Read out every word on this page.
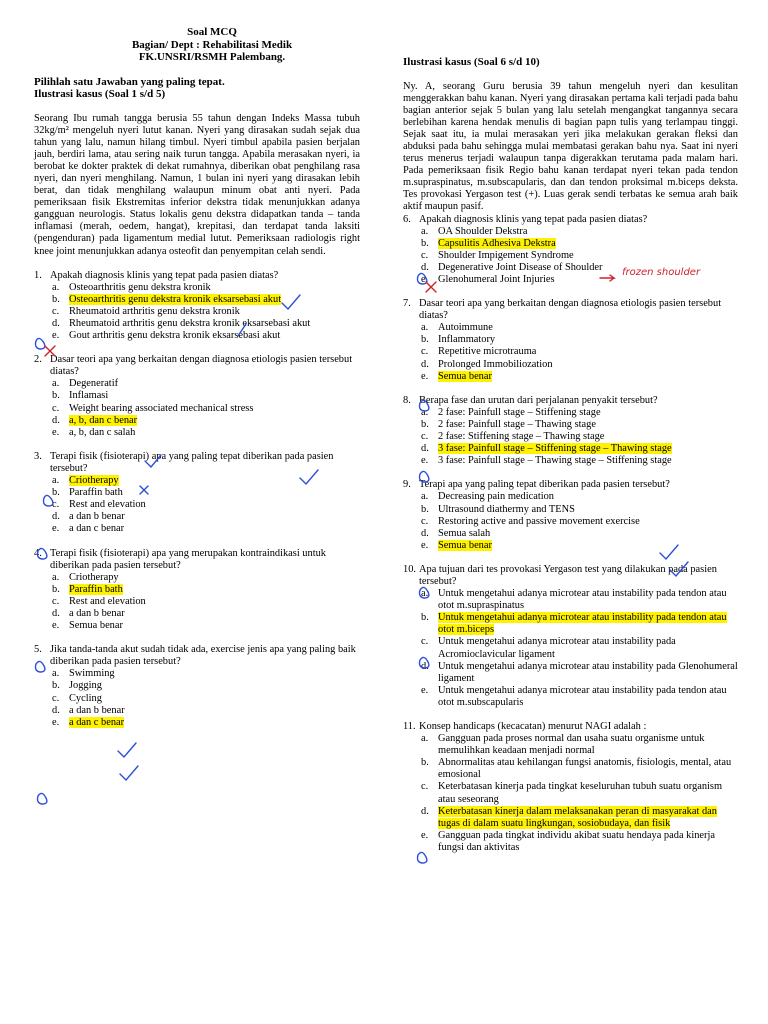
Soal MCQ
Bagian/ Dept : Rehabilitasi Medik
FK.UNSRI/RSMH Palembang.
Pilihlah satu Jawaban yang paling tepat.
Ilustrasi kasus (Soal 1 s/d 5)
Seorang Ibu rumah tangga berusia 55 tahun dengan Indeks Massa tubuh 32kg/m² mengeluh nyeri lutut kanan. Nyeri yang dirasakan sudah sejak dua tahun yang lalu, namun hilang timbul. Nyeri timbul apabila pasien berjalan jauh, berdiri lama, atau sering naik turun tangga. Apabila merasakan nyeri, ia berobat ke dokter praktek di dekat rumahnya, diberikan obat penghilang rasa nyeri, dan nyeri menghilang. Namun, 1 bulan ini nyeri yang dirasakan lebih berat, dan tidak menghilang walaupun minum obat anti nyeri. Pada pemeriksaan fisik Ekstremitas inferior dekstra tidak menunjukkan adanya gangguan neurologis. Status lokalis genu dekstra didapatkan tanda – tanda inflamasi (merah, oedem, hangat), krepitasi, dan terdapat tanda laksiti (pengenduran) pada ligamentum medial lutut. Pemeriksaan radiologis right knee joint menunjukkan adanya osteofit dan penyempitan celah sendi.
1. Apakah diagnosis klinis yang tepat pada pasien diatas?
a. Osteoarthritis genu dekstra kronik
b. Osteoarthritis genu dekstra kronik eksarsebasi akut
c. Rheumatoid arthritis genu dekstra kronik
d. Rheumatoid arthritis genu dekstra kronik eksarsebasi akut
e. Gout arthritis genu dekstra kronik eksarsebasi akut
2. Dasar teori apa yang berkaitan dengan diagnosa etiologis pasien tersebut diatas?
a. Degeneratif
b. Inflamasi
c. Weight bearing associated mechanical stress
d. a, b, dan c benar
e. a, b, dan c salah
3. Terapi fisik (fisioterapi) apa yang paling tepat diberikan pada pasien tersebut?
a. Criotherapy
b. Paraffin bath
c. Rest and elevation
d. a dan b benar
e. a dan c benar
4. Terapi fisik (fisioterapi) apa yang merupakan kontraindikasi untuk diberikan pada pasien tersebut?
a. Criotherapy
b. Paraffin bath
c. Rest and elevation
d. a dan b benar
e. Semua benar
5. Jika tanda-tanda akut sudah tidak ada, exercise jenis apa yang paling baik diberikan pada pasien tersebut?
a. Swimming
b. Jogging
c. Cycling
d. a dan b benar
e. a dan c benar
Ilustrasi kasus (Soal 6 s/d 10)
Ny. A, seorang Guru berusia 39 tahun mengeluh nyeri dan kesulitan menggerakkan bahu kanan. Nyeri yang dirasakan pertama kali terjadi pada bahu bagian anterior sejak 5 bulan yang lalu setelah mengangkat tangannya secara berlebihan karena hendak menulis di bagian papn tulis yang terlampau tinggi. Sejak saat itu, ia mulai merasakan yeri jika melakukan gerakan fleksi dan abduksi pada bahu sehingga mulai membatasi gerakan bahu nya. Saat ini nyeri terus menerus terjadi walaupun tanpa digerakkan terutama pada malam hari. Pada pemeriksaan fisik Regio bahu kanan terdapat nyeri tekan pada tendon m.supraspinatus, m.subscapularis, dan dan tendon proksimal m.biceps deksta. Tes provokasi Yergason test (+). Luas gerak sendi terbatas ke semua arah baik aktif maupun pasif.
6. Apakah diagnosis klinis yang tepat pada pasien diatas?
a. OA Shoulder Dekstra
b. Capsulitis Adhesiva Dekstra
c. Shoulder Impigement Syndrome
d. Degenerative Joint Disease of Shoulder
e. Glenohumeral Joint Injuries
7. Dasar teori apa yang berkaitan dengan diagnosa etiologis pasien tersebut diatas?
a. Autoimmune
b. Inflammatory
c. Repetitive microtrauma
d. Prolonged Immobiliozation
e. Semua benar
8. Berapa fase dan urutan dari perjalanan penyakit tersebut?
a. 2 fase: Painfull stage – Stiffening stage
b. 2 fase: Painfull stage – Thawing stage
c. 2 fase: Stiffening stage – Thawing stage
d. 3 fase: Painfull stage – Stiffening stage – Thawing stage
e. 3 fase: Painfull stage – Thawing stage – Stiffening stage
9. Terapi apa yang paling tepat diberikan pada pasien tersebut?
a. Decreasing pain medication
b. Ultrasound diathermy and TENS
c. Restoring active and passive movement exercise
d. Semua salah
e. Semua benar
10. Apa tujuan dari tes provokasi Yergason test yang dilakukan pada pasien tersebut?
a. Untuk mengetahui adanya microtear atau instability pada tendon atau otot m.supraspinatus
b. Untuk mengetahui adanya microtear atau instability pada tendon atau otot m.biceps
c. Untuk mengetahui adanya microtear atau instability pada Acromioclavicular ligament
d. Untuk mengetahui adanya microtear atau instability pada Glenohumeral ligament
e. Untuk mengetahui adanya microtear atau instability pada tendon atau otot m.subscapularis
11. Konsep handicaps (kecacatan) menurut NAGI adalah :
a. Gangguan pada proses normal dan usaha suatu organisme untuk memulihkan keadaan menjadi normal
b. Abnormalitas atau kehilangan fungsi anatomis, fisiologis, mental, atau emosional
c. Keterbatasan kinerja pada tingkat keseluruhan tubuh suatu organism atau seseorang
d. Keterbatasan kinerja dalam melaksanakan peran di masyarakat dan tugas di dalam suatu lingkungan, sosiobudaya, dan fisik
e. Gangguan pada tingkat individu akibat suatu hendaya pada kinerja fungsi dan aktivitas
frozen shoulder
